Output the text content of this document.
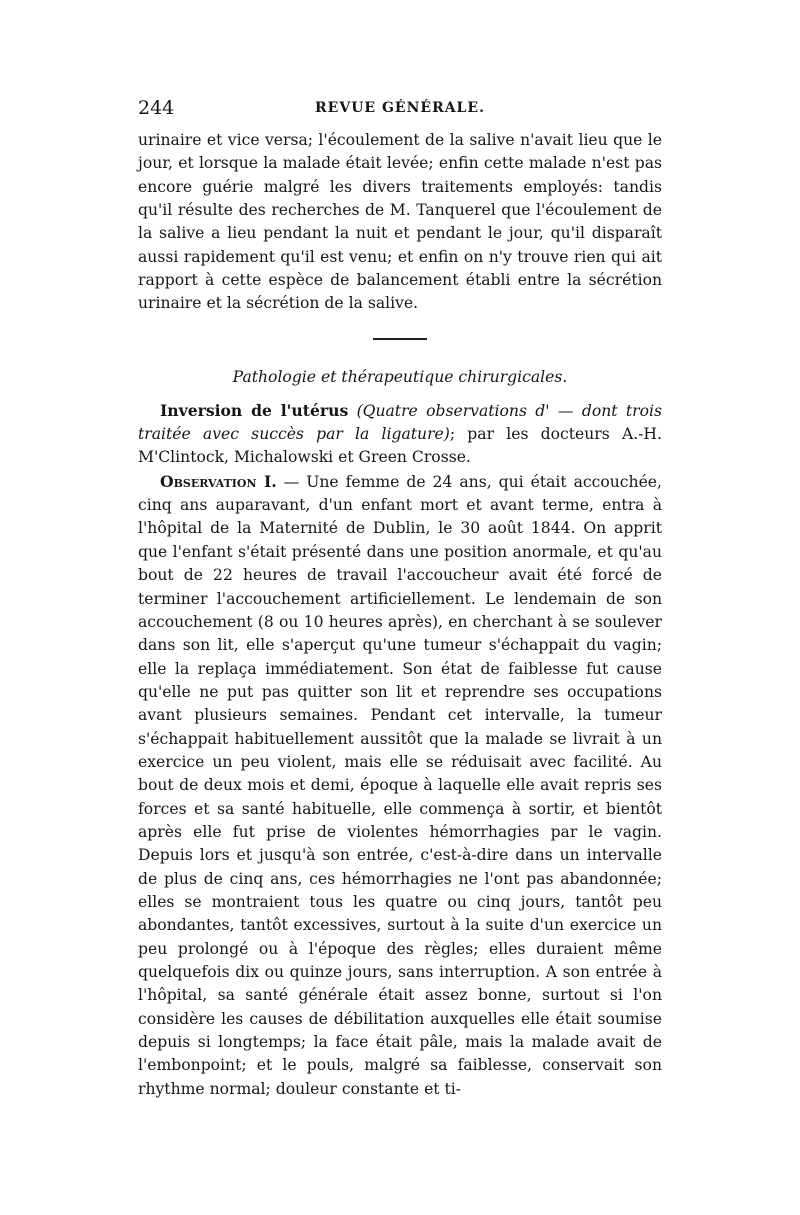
244	REVUE GÉNÉRALE.

urinaire et vice versa; l'écoulement de la salive n'avait lieu que le jour, et lorsque la malade était levée; enfin cette malade n'est pas encore guérie malgré les divers traitements employés: tandis qu'il résulte des recherches de M. Tanquerel que l'écoulement de la salive a lieu pendant la nuit et pendant le jour, qu'il disparaît aussi rapidement qu'il est venu; et enfin on n'y trouve rien qui ait rapport à cette espèce de balancement établi entre la sécrétion urinaire et la sécrétion de la salive.

Pathologie et thérapeutique chirurgicales.

Inversion de l'utérus (Quatre observations d' — dont trois traitée avec succès par la ligature); par les docteurs A.-H. M'Clintock, Michalowski et Green Crosse.

Observation I. — Une femme de 24 ans, qui était accouchée, cinq ans auparavant, d'un enfant mort et avant terme, entra à l'hôpital de la Maternité de Dublin, le 30 août 1844. On apprit que l'enfant s'était présenté dans une position anormale, et qu'au bout de 22 heures de travail l'accoucheur avait été forcé de terminer l'accouchement artificiellement. Le lendemain de son accouchement (8 ou 10 heures après), en cherchant à se soulever dans son lit, elle s'aperçut qu'une tumeur s'échappait du vagin; elle la replaça immédiatement. Son état de faiblesse fut cause qu'elle ne put pas quitter son lit et reprendre ses occupations avant plusieurs semaines. Pendant cet intervalle, la tumeur s'échappait habituellement aussitôt que la malade se livrait à un exercice un peu violent, mais elle se réduisait avec facilité. Au bout de deux mois et demi, époque à laquelle elle avait repris ses forces et sa santé habituelle, elle commença à sortir, et bientôt après elle fut prise de violentes hémorrhagies par le vagin. Depuis lors et jusqu'à son entrée, c'est-à-dire dans un intervalle de plus de cinq ans, ces hémorrhagies ne l'ont pas abandonnée; elles se montraient tous les quatre ou cinq jours, tantôt peu abondantes, tantôt excessives, surtout à la suite d'un exercice un peu prolongé ou à l'époque des règles; elles duraient même quelquefois dix ou quinze jours, sans interruption. A son entrée à l'hôpital, sa santé générale était assez bonne, surtout si l'on considère les causes de débilitation auxquelles elle était soumise depuis si longtemps; la face était pâle, mais la malade avait de l'embonpoint; et le pouls, malgré sa faiblesse, conservait son rhythme normal; douleur constante et ti-
